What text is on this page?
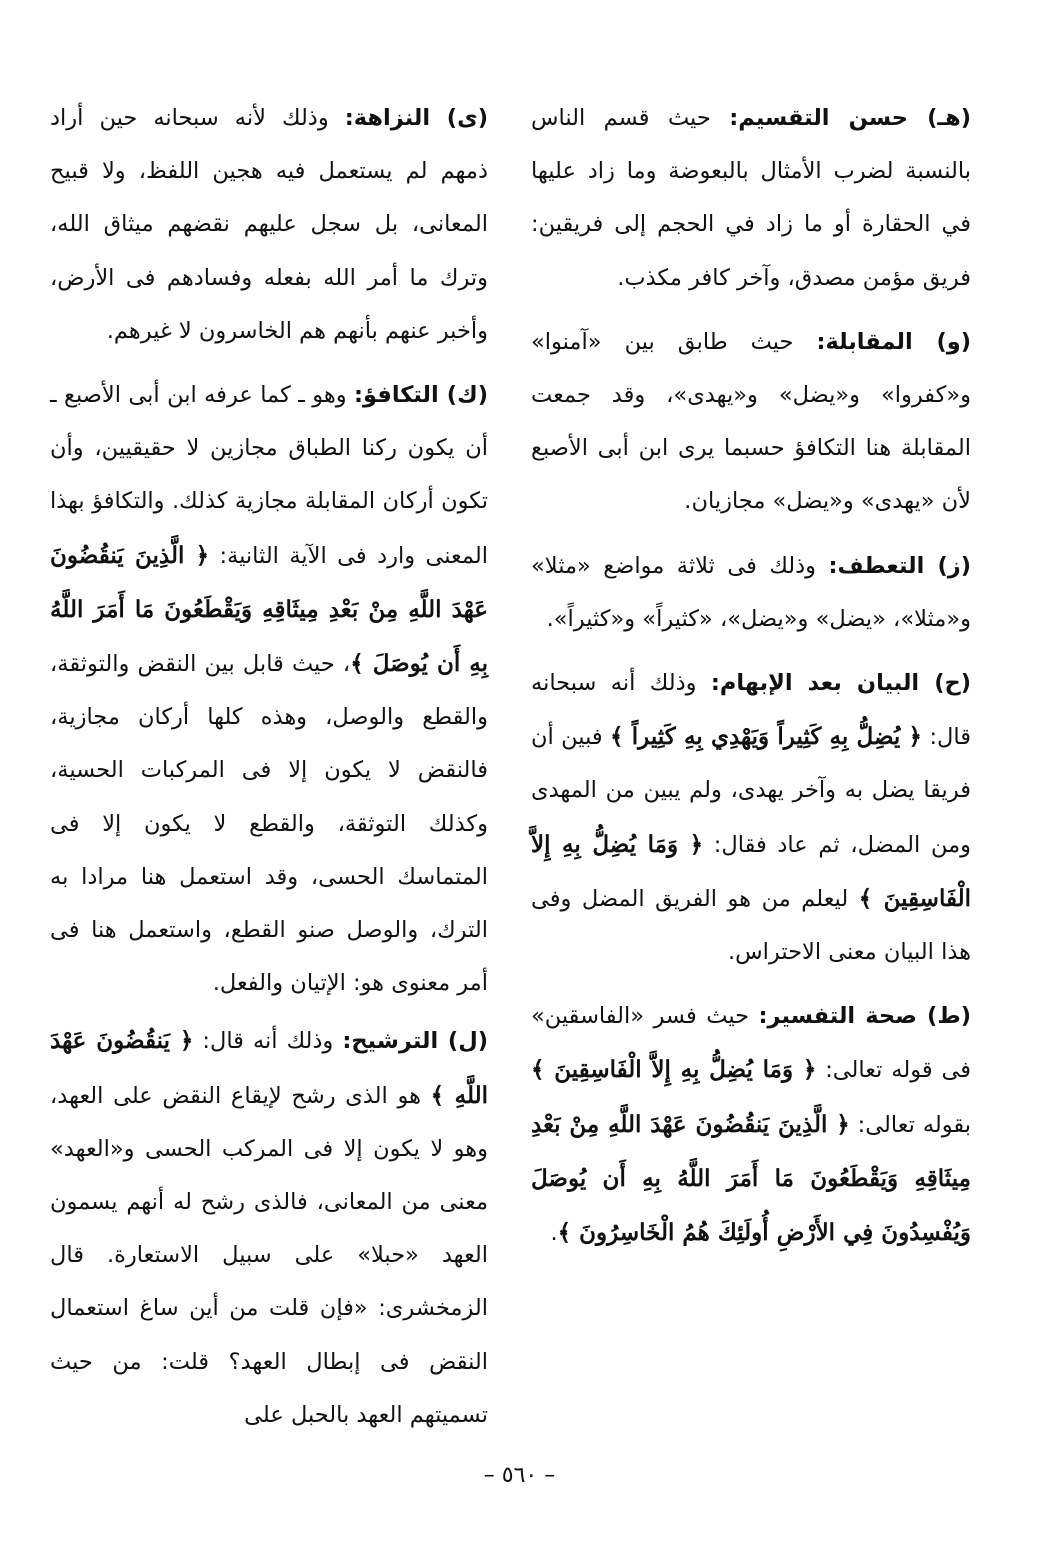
(هـ) حسن التقسيم: حيث قسم الناس بالنسبة لضرب الأمثال بالبعوضة وما زاد عليها في الحقارة أو ما زاد في الحجم إلى فريقين: فريق مؤمن مصدق، وآخر كافر مكذب.

(و) المقابلة: حيث طابق بين «آمنوا» و«كفروا» و«يضل» و«يهدى»، وقد جمعت المقابلة هنا التكافؤ حسبما يرى ابن أبى الأصبع لأن «يهدى» و«يضل» مجازيان.

(ز) التعطف: وذلك فى ثلاثة مواضع «مثلا» و«مثلا»، «يضل» و«يضل»، «كثيراً» و«كثيراً».

(ح) البيان بعد الإبهام: وذلك أنه سبحانه قال: ﴿ يُضِلُّ بِهِ كَثِيراً وَيَهْدِي بِهِ كَثِيراً ﴾ فبين أن فريقا يضل به وآخر يهدى، ولم يبين من المهدى ومن المضل، ثم عاد فقال: ﴿ وَمَا يُضِلُّ بِهِ إِلاَّ الْفَاسِقِينَ ﴾ ليعلم من هو الفريق المضل وفى هذا البيان معنى الاحتراس.

(ط) صحة التفسير: حيث فسر «الفاسقين» فى قوله تعالى: ﴿ وَمَا يُضِلُّ بِهِ إِلاَّ الْفَاسِقِينَ ﴾ بقوله تعالى: ﴿ الَّذِينَ يَنقُضُونَ عَهْدَ اللَّهِ مِنْ بَعْدِ مِيثَاقِهِ وَيَقْطَعُونَ مَا أَمَرَ اللَّهُ بِهِ أَن يُوصَلَ وَيُفْسِدُونَ فِي الأَرْضِ أُولَئِكَ هُمُ الْخَاسِرُونَ ﴾.

(ى) النزاهة: وذلك لأنه سبحانه حين أراد ذمهم لم يستعمل فيه هجين اللفظ، ولا قبيح المعانى، بل سجل عليهم نقضهم ميثاق الله، وترك ما أمر الله بفعله وفسادهم فى الأرض، وأخبر عنهم بأنهم هم الخاسرون لا غيرهم.

(ك) التكافؤ: وهو ـ كما عرفه ابن أبى الأصبع ـ أن يكون ركنا الطباق مجازين لا حقيقيين، وأن تكون أركان المقابلة مجازية كذلك. والتكافؤ بهذا المعنى وارد فى الآية الثانية: ﴿ الَّذِينَ يَنقُضُونَ عَهْدَ اللَّهِ مِنْ بَعْدِ مِيثَاقِهِ وَيَقْطَعُونَ مَا أَمَرَ اللَّهُ بِهِ أَن يُوصَلَ ﴾، حيث قابل بين النقض والتوثقة، والقطع والوصل، وهذه كلها أركان مجازية، فالنقض لا يكون إلا فى المركبات الحسية، وكذلك التوثقة، والقطع لا يكون إلا فى المتماسك الحسى، وقد استعمل هنا مرادا به الترك، والوصل صنو القطع، واستعمل هنا فى أمر معنوى هو: الإتيان والفعل.

(ل) الترشيح: وذلك أنه قال: ﴿ يَنقُضُونَ عَهْدَ اللَّهِ ﴾ هو الذى رشح لإيقاع النقض على العهد، وهو لا يكون إلا فى المركب الحسى و«العهد» معنى من المعانى، فالذى رشح له أنهم يسمون العهد «حبلا» على سبيل الاستعارة. قال الزمخشرى: «فإن قلت من أين ساغ استعمال النقض فى إبطال العهد؟ قلت: من حيث تسميتهم العهد بالحبل على

– ٥٦٠ –
